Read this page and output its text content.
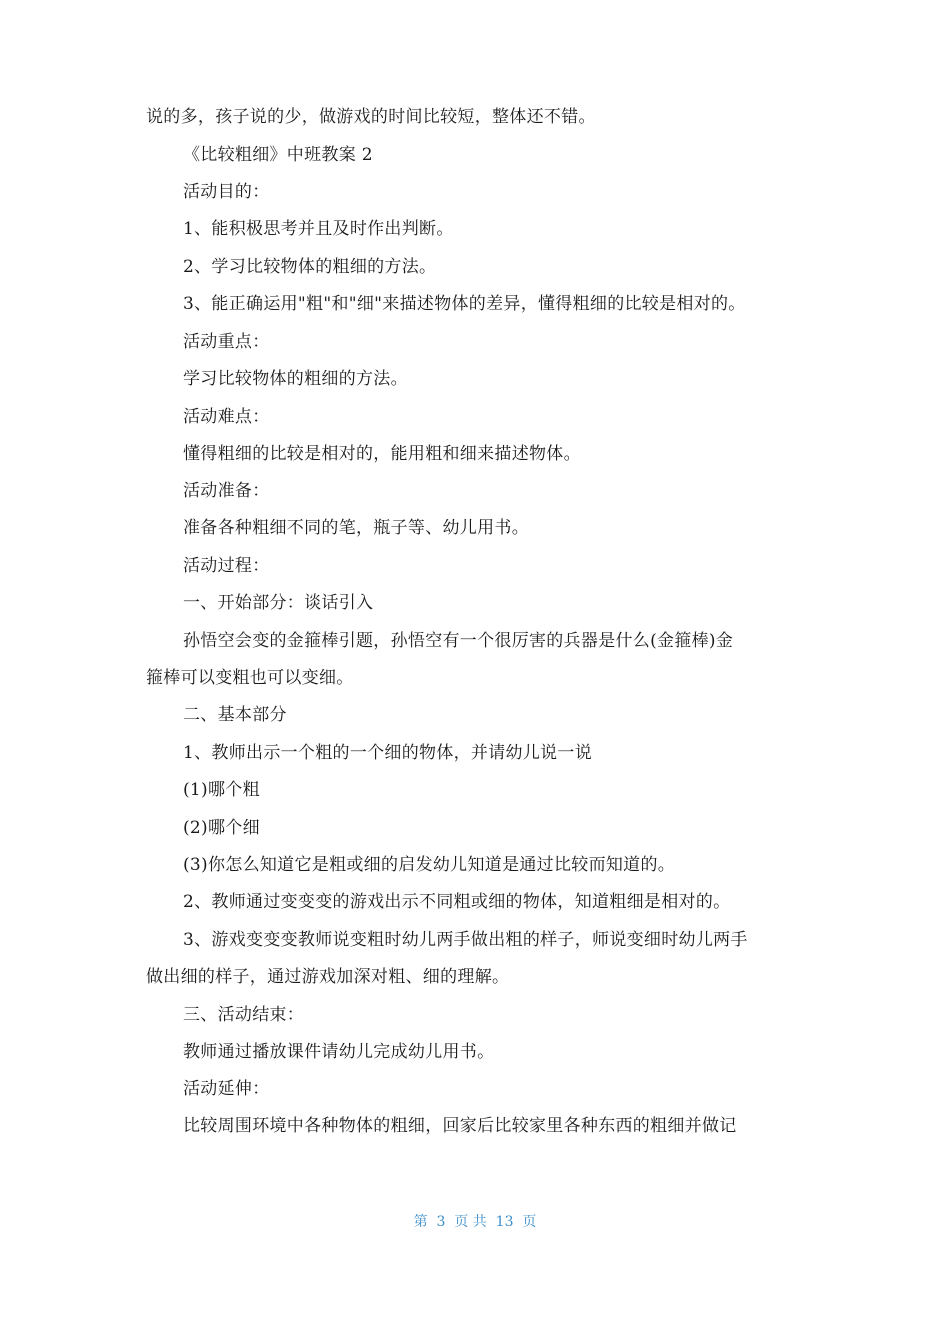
说的多，孩子说的少，做游戏的时间比较短，整体还不错。
《比较粗细》中班教案 2
活动目的：
1、能积极思考并且及时作出判断。
2、学习比较物体的粗细的方法。
3、能正确运用"粗"和"细"来描述物体的差异，懂得粗细的比较是相对的。
活动重点：
学习比较物体的粗细的方法。
活动难点：
懂得粗细的比较是相对的，能用粗和细来描述物体。
活动准备：
准备各种粗细不同的笔，瓶子等、幼儿用书。
活动过程：
一、开始部分：谈话引入
孙悟空会变的金箍棒引题，孙悟空有一个很厉害的兵器是什么(金箍棒)金
箍棒可以变粗也可以变细。
二、基本部分
1、教师出示一个粗的一个细的物体，并请幼儿说一说
(1)哪个粗
(2)哪个细
(3)你怎么知道它是粗或细的启发幼儿知道是通过比较而知道的。
2、教师通过变变变的游戏出示不同粗或细的物体，知道粗细是相对的。
3、游戏变变变教师说变粗时幼儿两手做出粗的样子，师说变细时幼儿两手
做出细的样子，通过游戏加深对粗、细的理解。
三、活动结束：
教师通过播放课件请幼儿完成幼儿用书。
活动延伸：
比较周围环境中各种物体的粗细，回家后比较家里各种东西的粗细并做记
第  3  页 共  13  页
